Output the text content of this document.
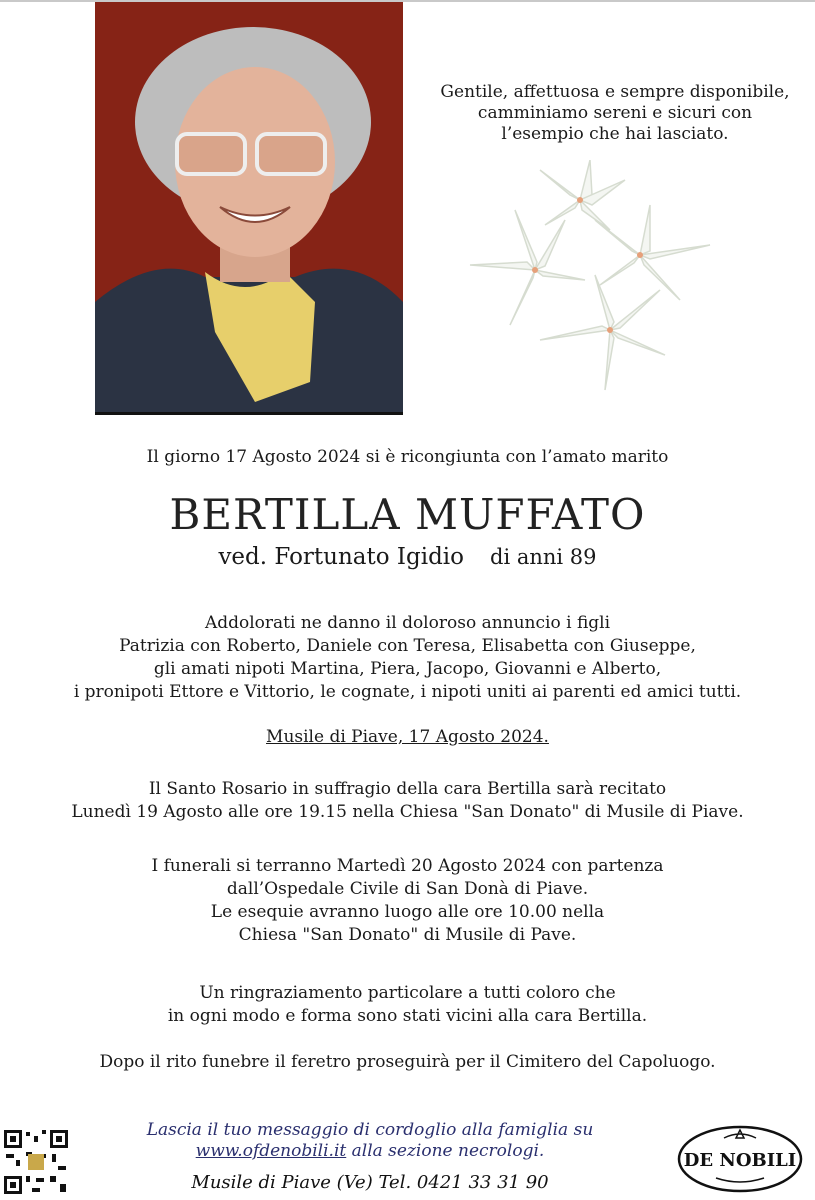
Gentile, affettuosa e sempre disponibile,
camminiamo sereni e sicuri con
l’esempio che hai lasciato.
Il giorno 17 Agosto 2024 si è ricongiunta con l’amato marito
BERTILLA MUFFATO
ved. Fortunato Igidio di anni 89
Addolorati ne danno il doloroso annuncio i figli
Patrizia con Roberto, Daniele con Teresa, Elisabetta con Giuseppe,
gli amati nipoti Martina, Piera, Jacopo, Giovanni e Alberto,
i pronipoti Ettore e Vittorio, le cognate, i nipoti uniti ai parenti ed amici tutti.
Musile di Piave, 17 Agosto 2024.
Il Santo Rosario in suffragio della cara Bertilla sarà recitato
Lunedì 19 Agosto alle ore 19.15 nella Chiesa "San Donato" di Musile di Piave.
I funerali si terranno Martedì 20 Agosto 2024 con partenza
dall’Ospedale Civile di San Donà di Piave.
Le esequie avranno luogo alle ore 10.00 nella
Chiesa "San Donato" di Musile di Pave.
Un ringraziamento particolare a tutti coloro che
in ogni modo e forma sono stati vicini alla cara Bertilla.
Dopo il rito funebre il feretro proseguirà per il Cimitero del Capoluogo.
Lascia il tuo messaggio di cordoglio alla famiglia su
www.ofdenobili.it alla sezione necrologi.
Musile di Piave (Ve) Tel. 0421 33 31 90
DE NOBILI
